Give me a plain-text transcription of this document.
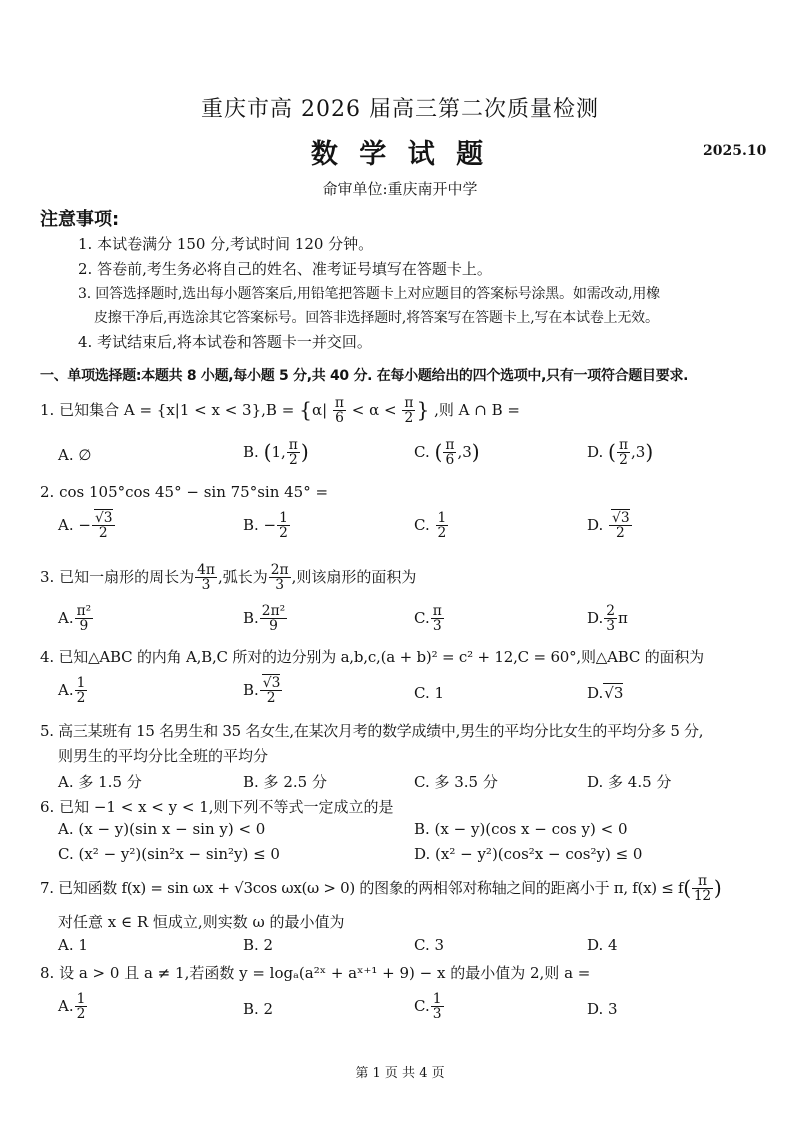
重庆市高 2026 届高三第二次质量检测
数 学 试 题	2025.10
命审单位:重庆南开中学
注意事项:
1. 本试卷满分 150 分,考试时间 120 分钟。
2. 答卷前,考生务必将自己的姓名、准考证号填写在答题卡上。
3. 回答选择题时,选出每小题答案后,用铅笔把答题卡上对应题目的答案标号涂黑。如需改动,用橡
皮擦干净后,再选涂其它答案标号。回答非选择题时,将答案写在答题卡上,写在本试卷上无效。
4. 考试结束后,将本试卷和答题卡一并交回。
一、单项选择题:本题共 8 小题,每小题 5 分,共 40 分. 在每小题给出的四个选项中,只有一项符合题目要求.
1. 已知集合 $A = \{x|1 < x < 3\},B = \{\alpha| \frac{\pi}{6} < \alpha < \frac{\pi}{2}$ } ,则 A ∩ B =
A. ∅	B. (1, $\frac{\pi}{2}$ )	C. ( $\frac{\pi}{6} ,3$)	D. ( $\frac{\pi}{2} ,3$)
2. cos 105°cos 45° − sin 75°sin 45° =
A. − $\frac{√3}{2}$	B. − $\frac{1}{2}$	C. $\frac{1}{2}$	D. $\frac{√3}{2}$
3. 已知一扇形的周长为 $\frac{4\pi}{3}$ ,弧长为 $\frac{2\pi}{3}$ ,则该扇形的面积为
A. $\frac{\text{π²}}{9}$	B. $\frac{\text{2π²}}{9}$	C. $\frac{\pi}{3}$	D. $\frac{2}{3}$ π
4. 已知△ABC 的内角 A,B,C 所对的边分别为 a,b,c,(a + b)² = c² + 12,C = 60°,则△ABC 的面积为
A. $\frac{1}{2}$	B. $\frac{√3}{2}$	C. 1	D.√3
5. 高三某班有 15 名男生和 35 名女生,在某次月考的数学成绩中,男生的平均分比女生的平均分多 5 分,
则男生的平均分比全班的平均分
A. 多 1.5 分	B. 多 2.5 分	C. 多 3.5 分	D. 多 4.5 分
6. 已知 −1 < x < y < 1,则下列不等式一定成立的是
A. (x − y)(sin x − sin y) < 0	B. (x − y)(cos x − cos y) < 0
C. (x² − y²)(sin²x − sin²y) ≤ 0	D. (x² − y²)(cos²x − cos²y) ≤ 0
7. 已知函数 f(x) = sin ωx + √3cos ωx(ω > 0) 的图象的两相邻对称轴之间的距离小于 π, $f(x) \le f( \frac{\pi}{12}$ )
对任意 x ∈ R 恒成立,则实数 ω 的最小值为
A. 1	B. 2	C. 3	D. 4
8. 设 a > 0 且 a ≠ 1,若函数 y = logₐ(a²ˣ + aˣ⁺¹ + 9) − x 的最小值为 2,则 a =
A. $\frac{1}{2}$	B. 2	C. $\frac{1}{3}$	D. 3
第 1 页 共 4 页
